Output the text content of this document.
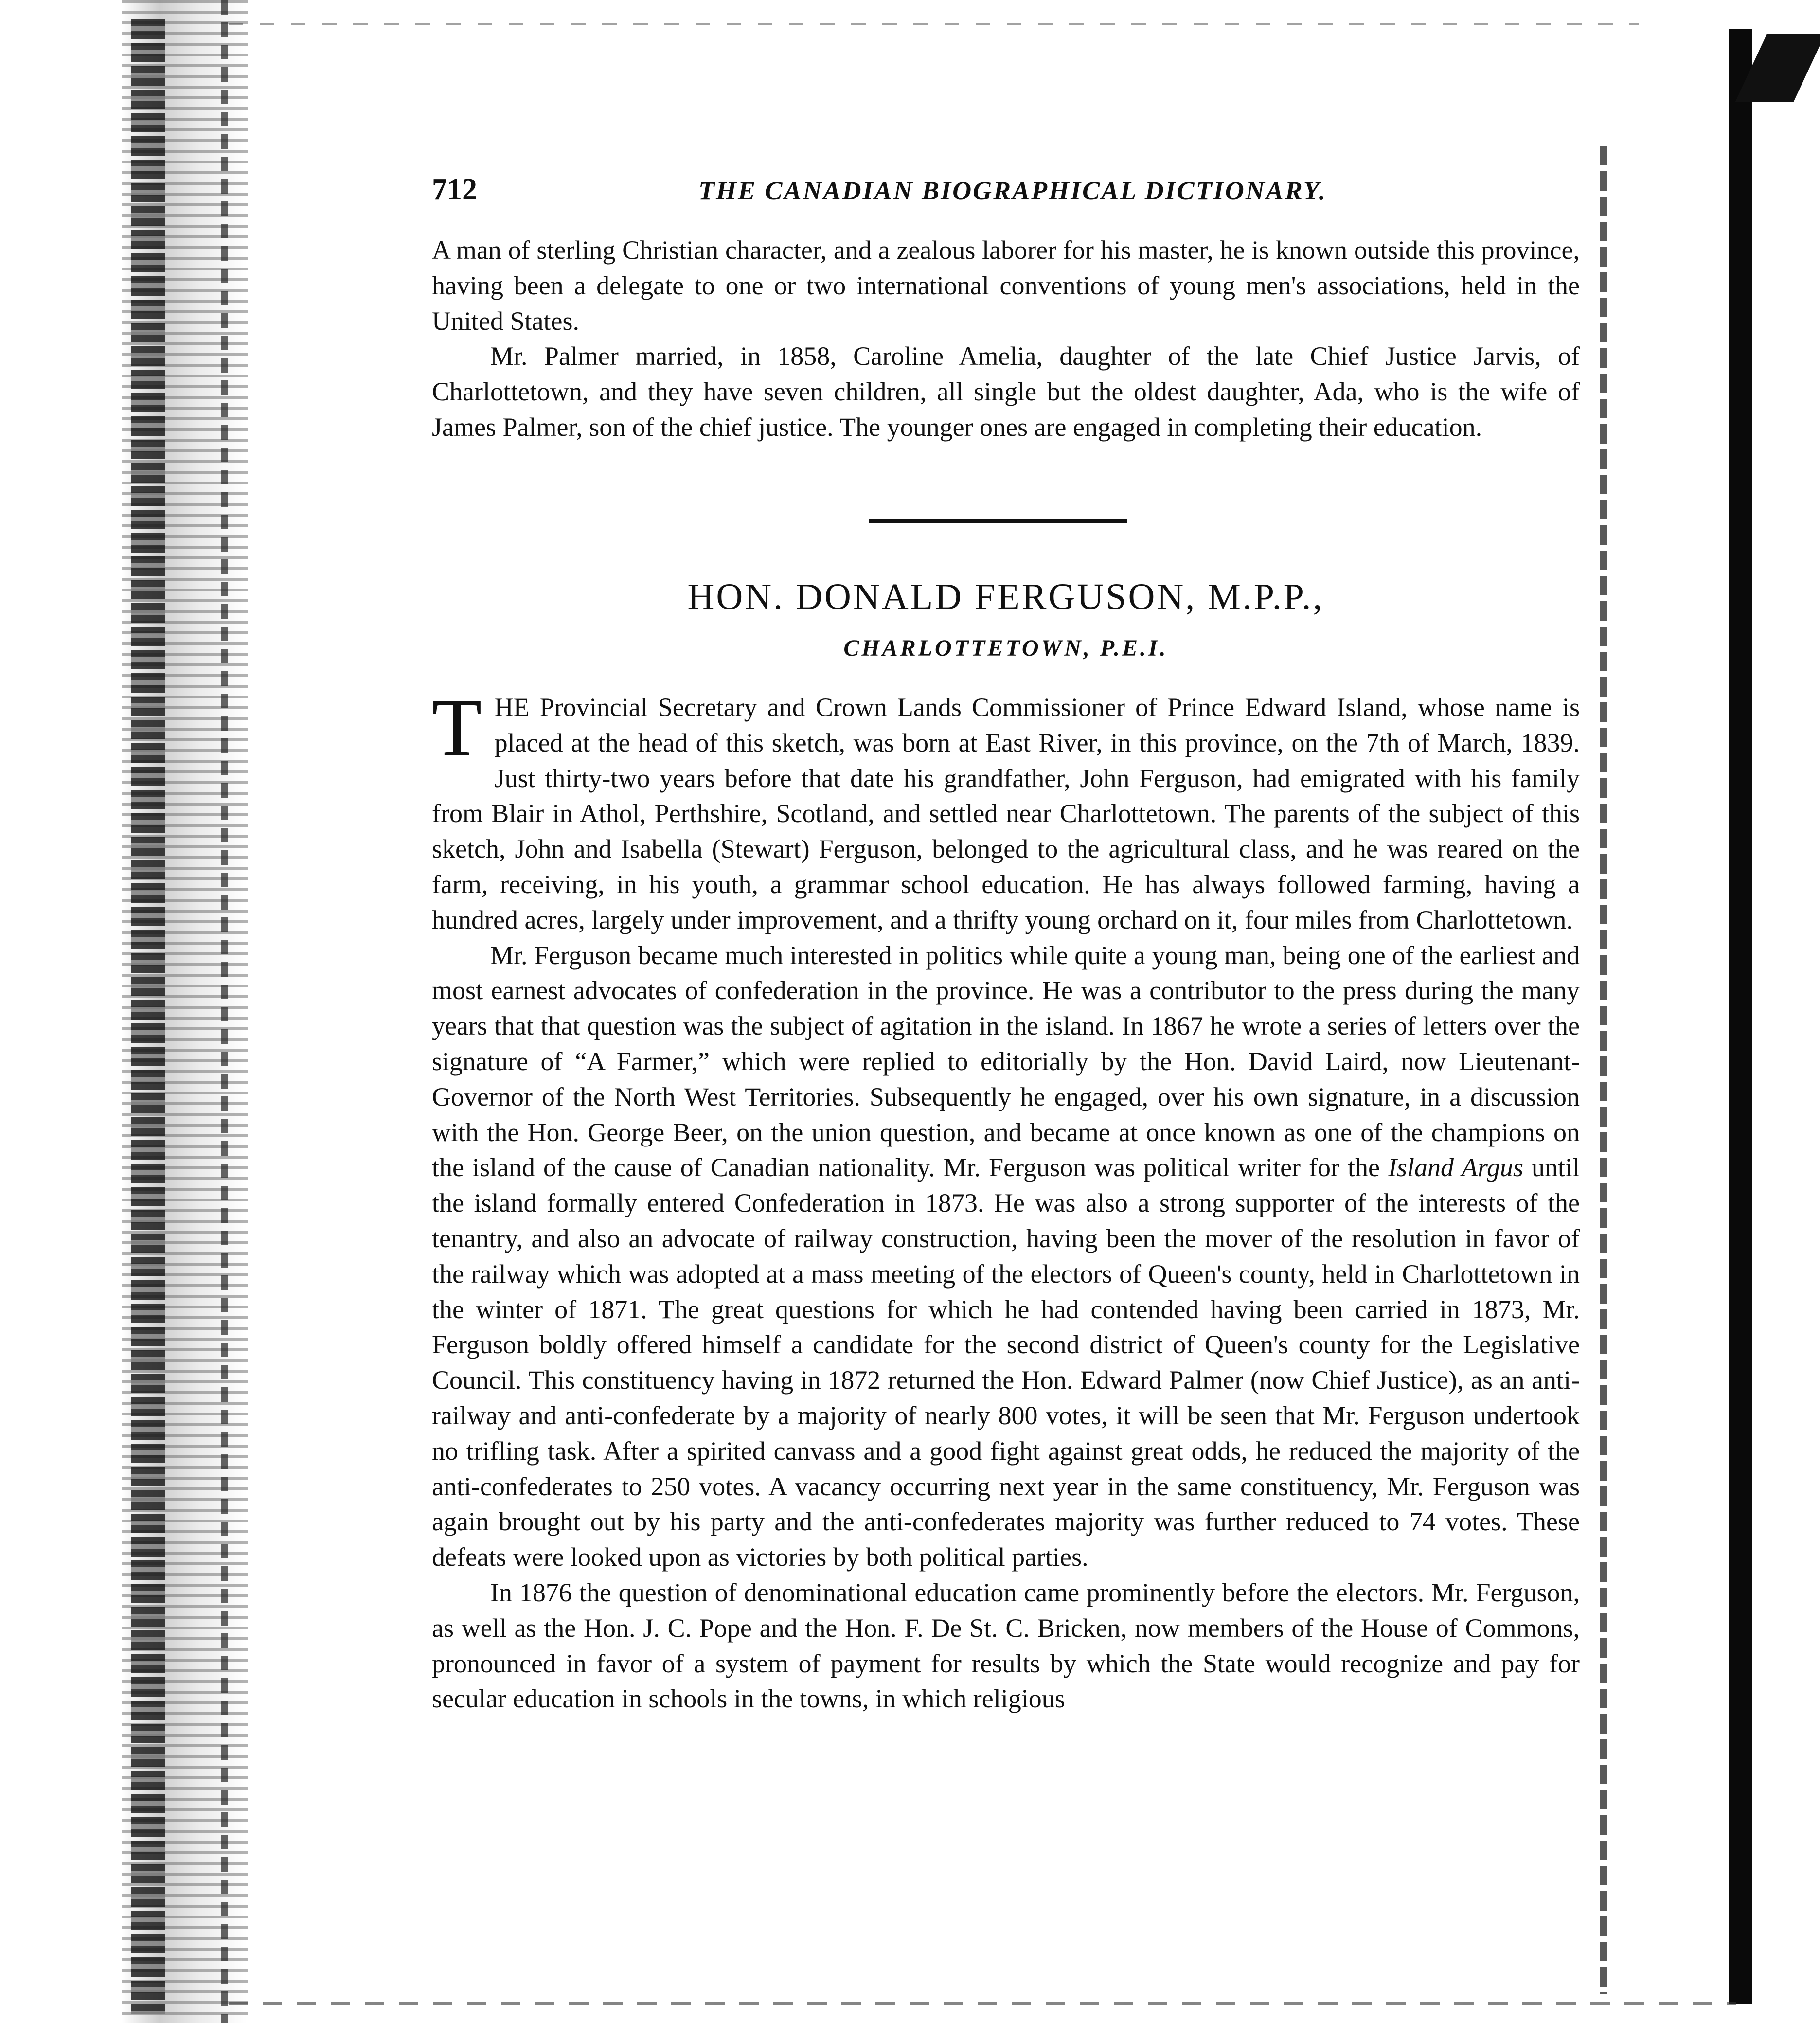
712	THE CANADIAN BIOGRAPHICAL DICTIONARY.

A man of sterling Christian character, and a zealous laborer for his master, he is known outside this province, having been a delegate to one or two international conventions of young men's associations, held in the United States.

Mr. Palmer married, in 1858, Caroline Amelia, daughter of the late Chief Justice Jarvis, of Charlottetown, and they have seven children, all single but the oldest daughter, Ada, who is the wife of James Palmer, son of the chief justice. The younger ones are engaged in completing their education.

HON. DONALD FERGUSON, M.P.P.,
CHARLOTTETOWN, P.E.I.

THE Provincial Secretary and Crown Lands Commissioner of Prince Edward Island, whose name is placed at the head of this sketch, was born at East River, in this province, on the 7th of March, 1839. Just thirty-two years before that date his grandfather, John Ferguson, had emigrated with his family from Blair in Athol, Perthshire, Scotland, and settled near Charlottetown. The parents of the subject of this sketch, John and Isabella (Stewart) Ferguson, belonged to the agricultural class, and he was reared on the farm, receiving, in his youth, a grammar school education. He has always followed farming, having a hundred acres, largely under improvement, and a thrifty young orchard on it, four miles from Charlottetown.

Mr. Ferguson became much interested in politics while quite a young man, being one of the earliest and most earnest advocates of confederation in the province. He was a contributor to the press during the many years that that question was the subject of agitation in the island. In 1867 he wrote a series of letters over the signature of “A Farmer,” which were replied to editorially by the Hon. David Laird, now Lieutenant-Governor of the North West Territories. Subsequently he engaged, over his own signature, in a discussion with the Hon. George Beer, on the union question, and became at once known as one of the champions on the island of the cause of Canadian nationality. Mr. Ferguson was political writer for the Island Argus until the island formally entered Confederation in 1873. He was also a strong supporter of the interests of the tenantry, and also an advocate of railway construction, having been the mover of the resolution in favor of the railway which was adopted at a mass meeting of the electors of Queen's county, held in Charlottetown in the winter of 1871. The great questions for which he had contended having been carried in 1873, Mr. Ferguson boldly offered himself a candidate for the second district of Queen's county for the Legislative Council. This constituency having in 1872 returned the Hon. Edward Palmer (now Chief Justice), as an anti-railway and anti-confederate by a majority of nearly 800 votes, it will be seen that Mr. Ferguson undertook no trifling task. After a spirited canvass and a good fight against great odds, he reduced the majority of the anti-confederates to 250 votes. A vacancy occurring next year in the same constituency, Mr. Ferguson was again brought out by his party and the anti-confederates majority was further reduced to 74 votes. These defeats were looked upon as victories by both political parties.

In 1876 the question of denominational education came prominently before the electors. Mr. Ferguson, as well as the Hon. J. C. Pope and the Hon. F. De St. C. Bricken, now members of the House of Commons, pronounced in favor of a system of payment for results by which the State would recognize and pay for secular education in schools in the towns, in which religious
